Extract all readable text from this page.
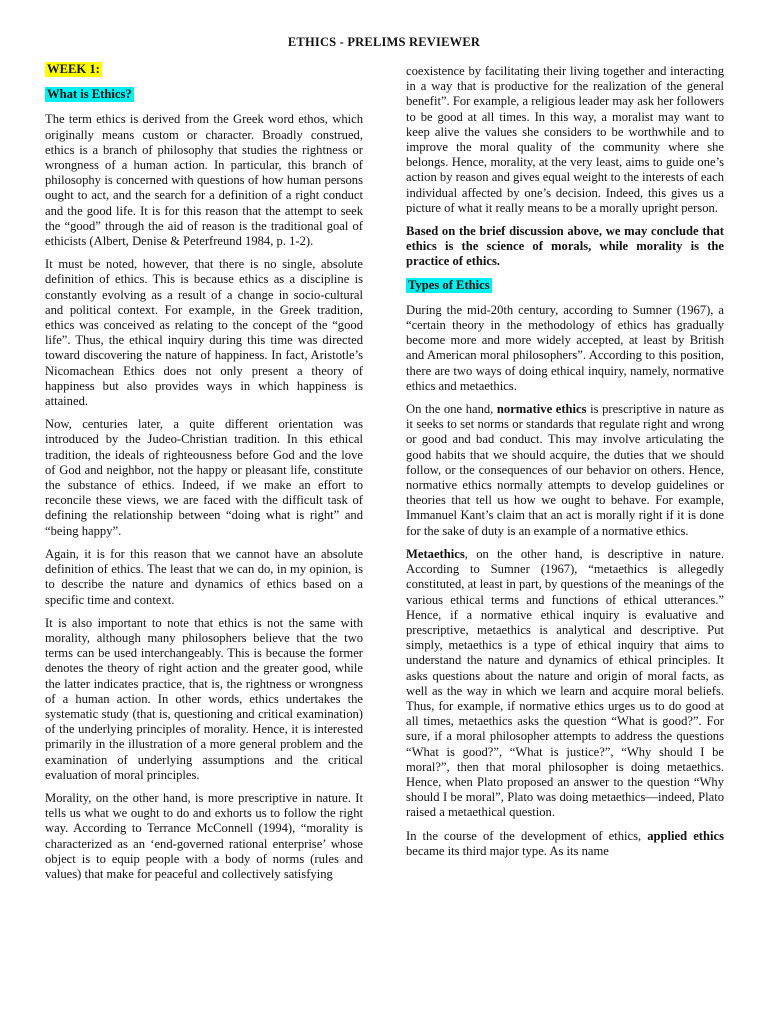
ETHICS - PRELIMS REVIEWER
WEEK 1:
What is Ethics?

The term ethics is derived from the Greek word ethos, which originally means custom or character. Broadly construed, ethics is a branch of philosophy that studies the rightness or wrongness of a human action. In particular, this branch of philosophy is concerned with questions of how human persons ought to act, and the search for a definition of a right conduct and the good life. It is for this reason that the attempt to seek the “good” through the aid of reason is the traditional goal of ethicists (Albert, Denise & Peterfreund 1984, p. 1-2).

It must be noted, however, that there is no single, absolute definition of ethics. This is because ethics as a discipline is constantly evolving as a result of a change in socio-cultural and political context. For example, in the Greek tradition, ethics was conceived as relating to the concept of the “good life”. Thus, the ethical inquiry during this time was directed toward discovering the nature of happiness. In fact, Aristotle’s Nicomachean Ethics does not only present a theory of happiness but also provides ways in which happiness is attained.

Now, centuries later, a quite different orientation was introduced by the Judeo-Christian tradition. In this ethical tradition, the ideals of righteousness before God and the love of God and neighbor, not the happy or pleasant life, constitute the substance of ethics. Indeed, if we make an effort to reconcile these views, we are faced with the difficult task of defining the relationship between “doing what is right” and “being happy”.

Again, it is for this reason that we cannot have an absolute definition of ethics. The least that we can do, in my opinion, is to describe the nature and dynamics of ethics based on a specific time and context.

It is also important to note that ethics is not the same with morality, although many philosophers believe that the two terms can be used interchangeably. This is because the former denotes the theory of right action and the greater good, while the latter indicates practice, that is, the rightness or wrongness of a human action. In other words, ethics undertakes the systematic study (that is, questioning and critical examination) of the underlying principles of morality. Hence, it is interested primarily in the illustration of a more general problem and the examination of underlying assumptions and the critical evaluation of moral principles.

Morality, on the other hand, is more prescriptive in nature. It tells us what we ought to do and exhorts us to follow the right way. According to Terrance McConnell (1994), “morality is characterized as an ‘end-governed rational enterprise’ whose object is to equip people with a body of norms (rules and values) that make for peaceful and collectively satisfying

coexistence by facilitating their living together and interacting in a way that is productive for the realization of the general benefit”. For example, a religious leader may ask her followers to be good at all times. In this way, a moralist may want to keep alive the values she considers to be worthwhile and to improve the moral quality of the community where she belongs. Hence, morality, at the very least, aims to guide one’s action by reason and gives equal weight to the interests of each individual affected by one’s decision. Indeed, this gives us a picture of what it really means to be a morally upright person.

Based on the brief discussion above, we may conclude that ethics is the science of morals, while morality is the practice of ethics.

Types of Ethics

During the mid-20th century, according to Sumner (1967), a “certain theory in the methodology of ethics has gradually become more and more widely accepted, at least by British and American moral philosophers”. According to this position, there are two ways of doing ethical inquiry, namely, normative ethics and metaethics.

On the one hand, normative ethics is prescriptive in nature as it seeks to set norms or standards that regulate right and wrong or good and bad conduct. This may involve articulating the good habits that we should acquire, the duties that we should follow, or the consequences of our behavior on others. Hence, normative ethics normally attempts to develop guidelines or theories that tell us how we ought to behave. For example, Immanuel Kant’s claim that an act is morally right if it is done for the sake of duty is an example of a normative ethics.

Metaethics, on the other hand, is descriptive in nature. According to Sumner (1967), “metaethics is allegedly constituted, at least in part, by questions of the meanings of the various ethical terms and functions of ethical utterances.” Hence, if a normative ethical inquiry is evaluative and prescriptive, metaethics is analytical and descriptive. Put simply, metaethics is a type of ethical inquiry that aims to understand the nature and dynamics of ethical principles. It asks questions about the nature and origin of moral facts, as well as the way in which we learn and acquire moral beliefs. Thus, for example, if normative ethics urges us to do good at all times, metaethics asks the question “What is good?”. For sure, if a moral philosopher attempts to address the questions “What is good?”, “What is justice?”, “Why should I be moral?”, then that moral philosopher is doing metaethics. Hence, when Plato proposed an answer to the question “Why should I be moral”, Plato was doing metaethics—indeed, Plato raised a metaethical question.

In the course of the development of ethics, applied ethics became its third major type. As its name
